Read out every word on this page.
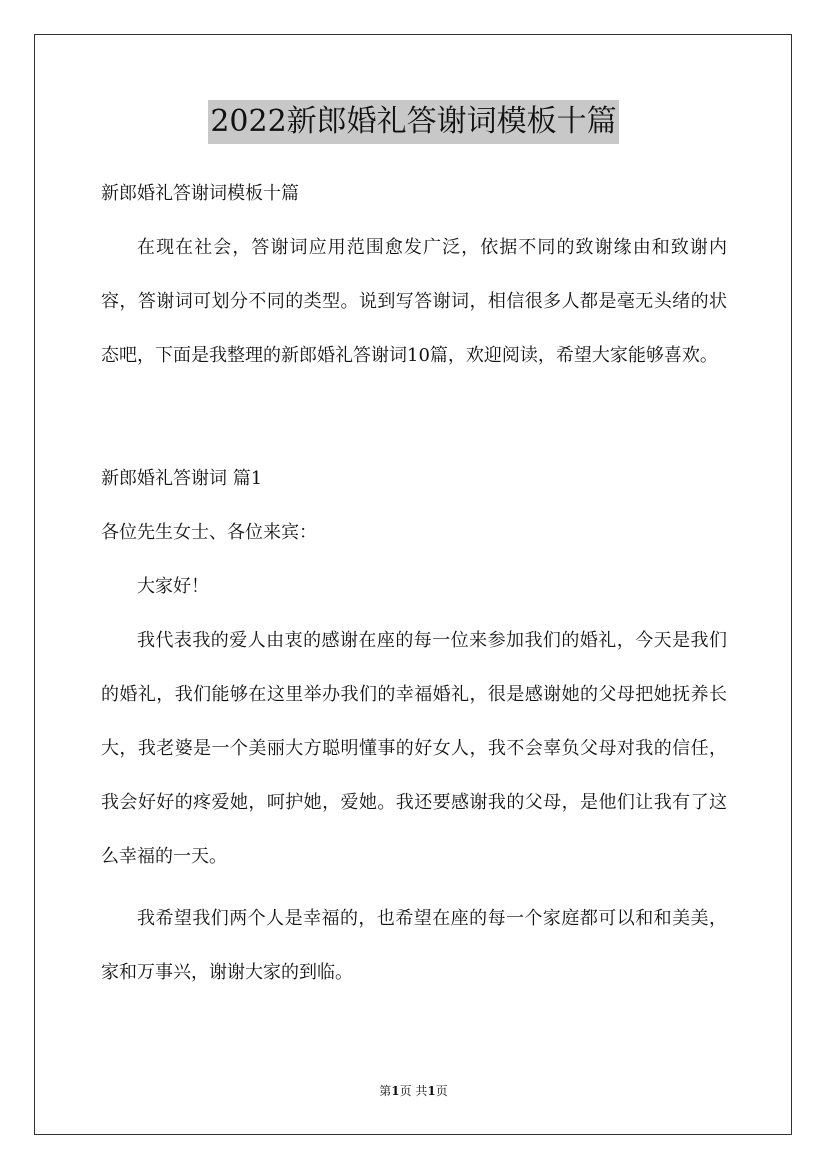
2022新郎婚礼答谢词模板十篇

新郎婚礼答谢词模板十篇

在现在社会，答谢词应用范围愈发广泛，依据不同的致谢缘由和致谢内容，答谢词可划分不同的类型。说到写答谢词，相信很多人都是毫无头绪的状态吧，下面是我整理的新郎婚礼答谢词10篇，欢迎阅读，希望大家能够喜欢。

新郎婚礼答谢词 篇1

各位先生女士、各位来宾：

大家好！

我代表我的爱人由衷的感谢在座的每一位来参加我们的婚礼，今天是我们的婚礼，我们能够在这里举办我们的幸福婚礼，很是感谢她的父母把她抚养长大，我老婆是一个美丽大方聪明懂事的好女人，我不会辜负父母对我的信任，我会好好的疼爱她，呵护她，爱她。我还要感谢我的父母，是他们让我有了这么幸福的一天。

我希望我们两个人是幸福的，也希望在座的每一个家庭都可以和和美美，家和万事兴，谢谢大家的到临。

第1页 共1页
